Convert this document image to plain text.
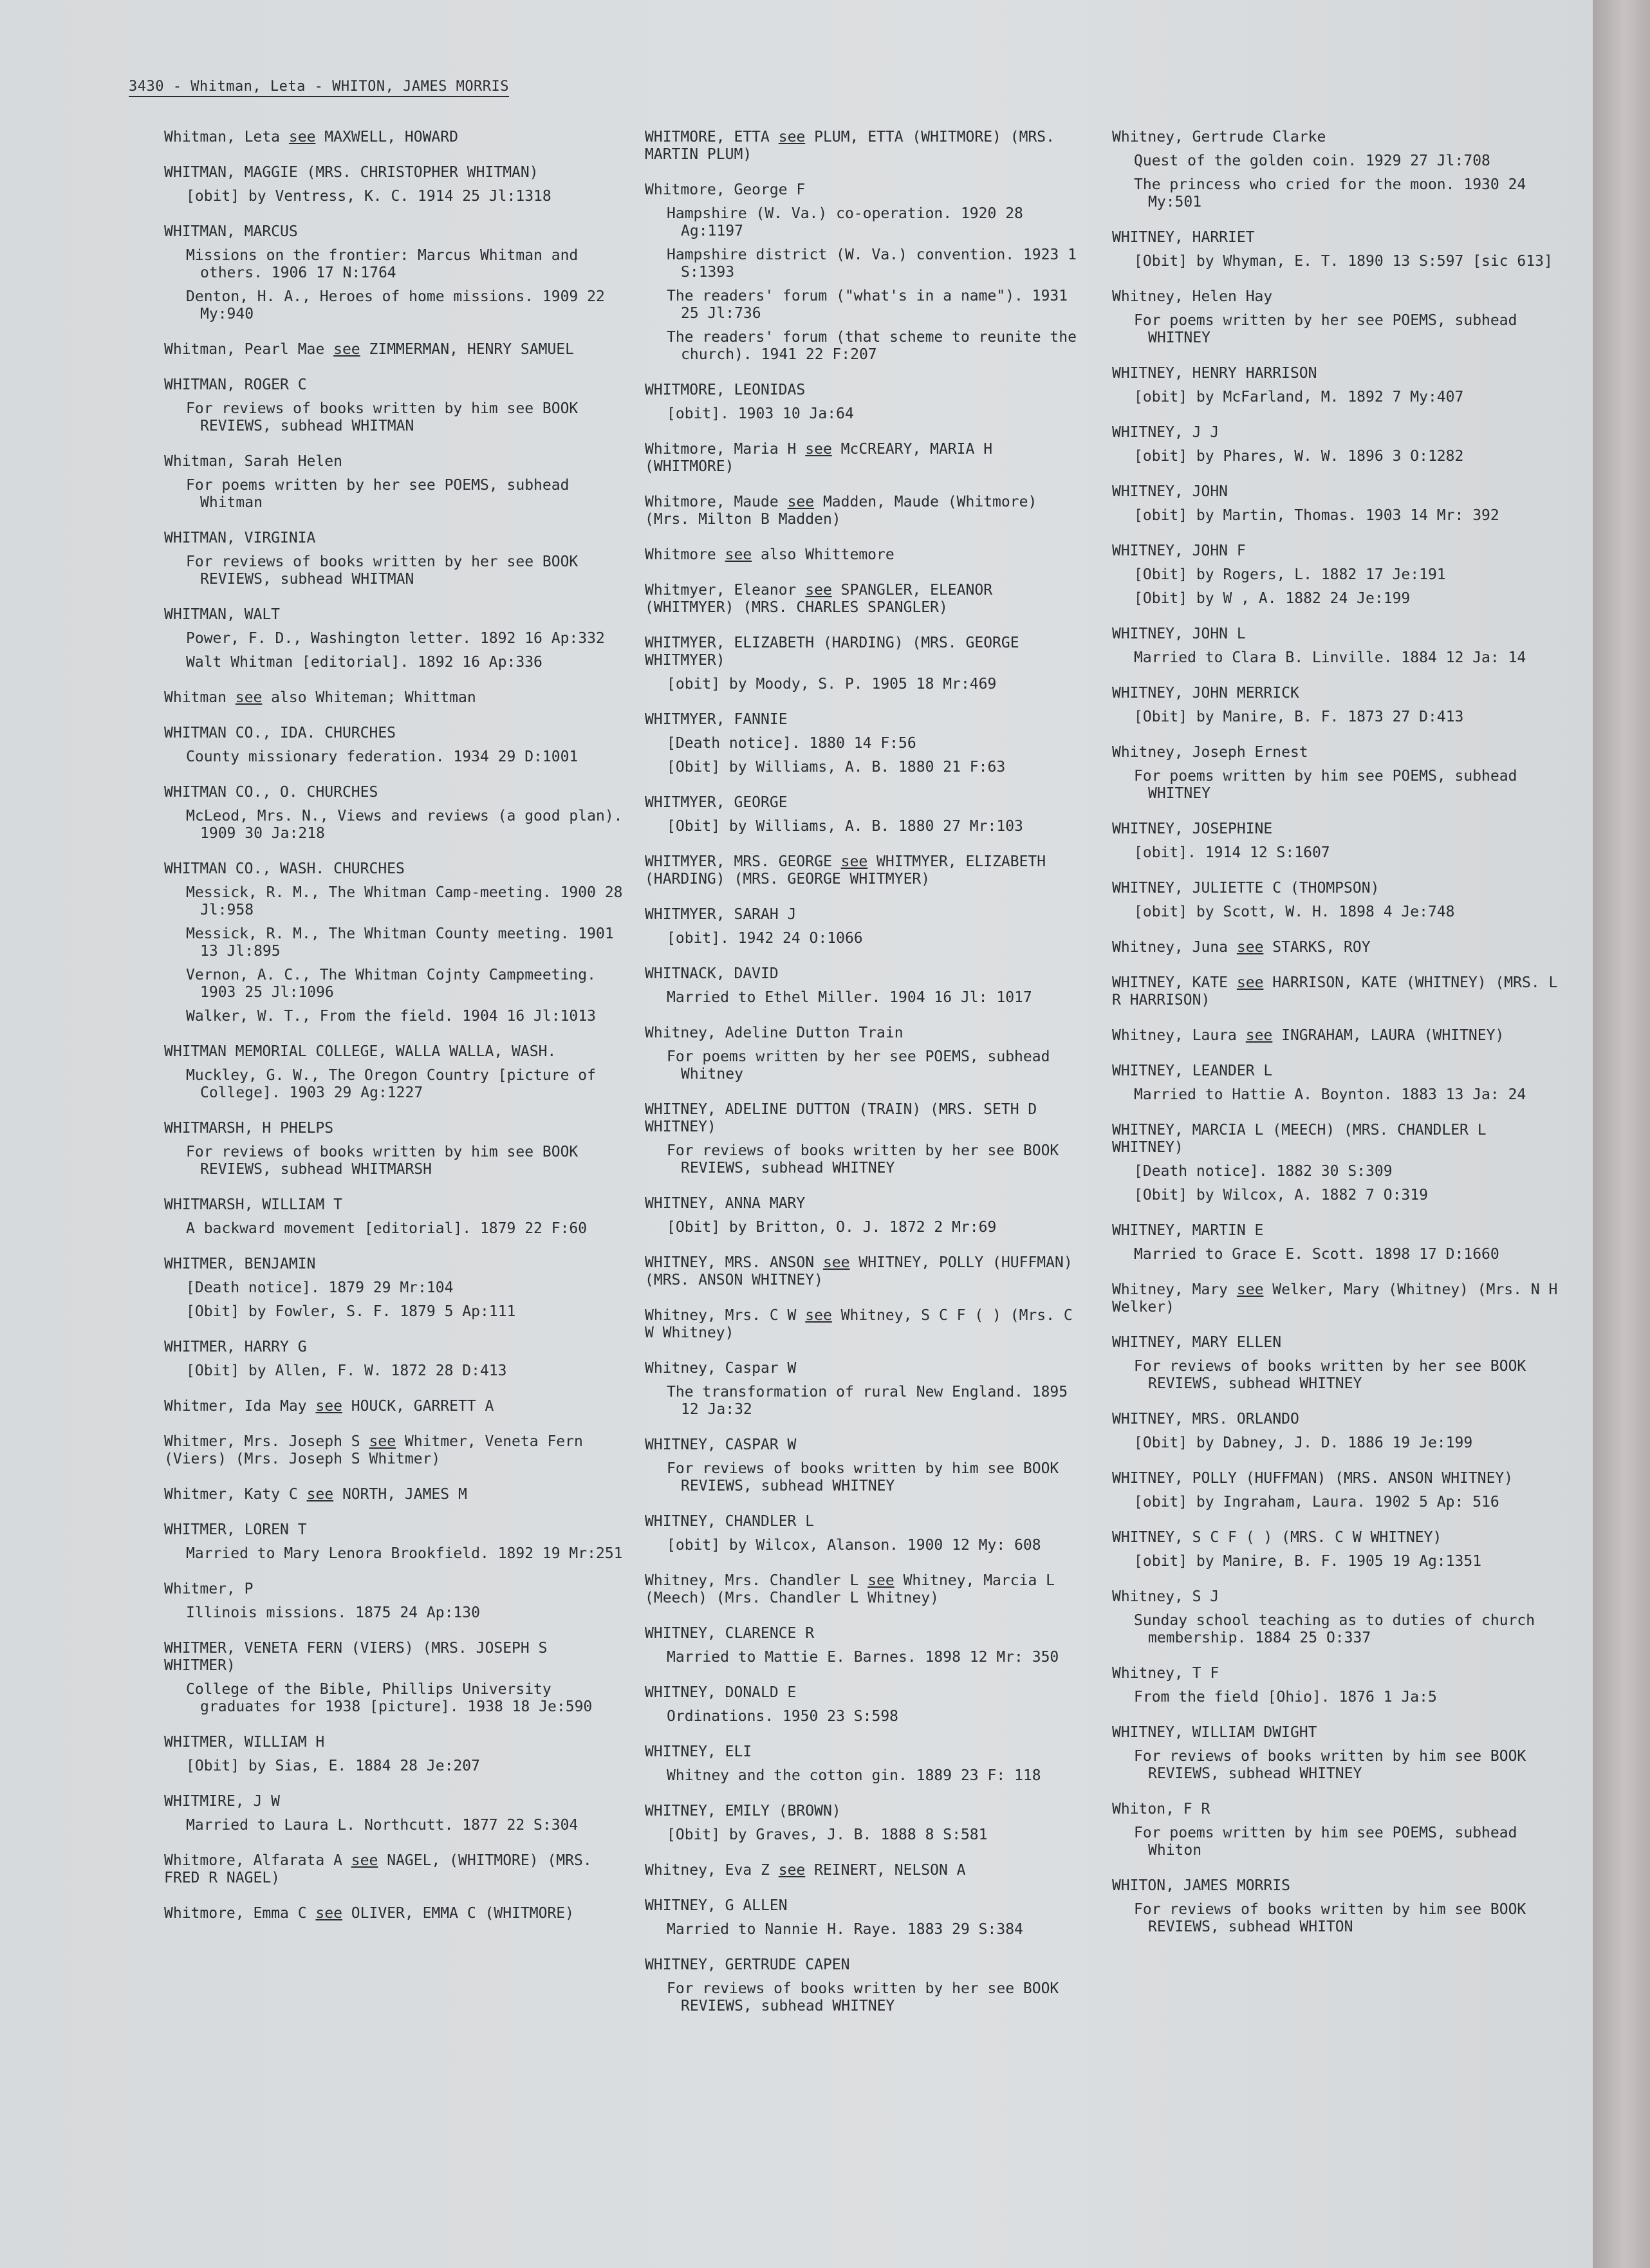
3430 - Whitman, Leta - WHITON, JAMES MORRIS
Whitman, Leta see MAXWELL, HOWARD
WHITMAN, MAGGIE (MRS. CHRISTOPHER WHITMAN)
[obit] by Ventress, K. C. 1914 25 Jl:1318
WHITMAN, MARCUS
Missions on the frontier: Marcus Whitman and others. 1906 17 N:1764
Denton, H. A., Heroes of home missions. 1909 22 My:940
Whitman, Pearl Mae see ZIMMERMAN, HENRY SAMUEL
WHITMAN, ROGER C
For reviews of books written by him see BOOK REVIEWS, subhead WHITMAN
Whitman, Sarah Helen
For poems written by her see POEMS, subhead Whitman
WHITMAN, VIRGINIA
For reviews of books written by her see BOOK REVIEWS, subhead WHITMAN
WHITMAN, WALT
Power, F. D., Washington letter. 1892 16 Ap:332
Walt Whitman [editorial]. 1892 16 Ap:336
Whitman see also Whiteman; Whittman
WHITMAN CO., IDA. CHURCHES
County missionary federation. 1934 29 D:1001
WHITMAN CO., O. CHURCHES
McLeod, Mrs. N., Views and reviews (a good plan). 1909 30 Ja:218
WHITMAN CO., WASH. CHURCHES
Messick, R. M., The Whitman Camp-meeting. 1900 28 Jl:958
Messick, R. M., The Whitman County meeting. 1901 13 Jl:895
Vernon, A. C., The Whitman Cojnty Campmeeting. 1903 25 Jl:1096
Walker, W. T., From the field. 1904 16 Jl:1013
WHITMAN MEMORIAL COLLEGE, WALLA WALLA, WASH.
Muckley, G. W., The Oregon Country [picture of College]. 1903 29 Ag:1227
WHITMARSH, H PHELPS
For reviews of books written by him see BOOK REVIEWS, subhead WHITMARSH
WHITMARSH, WILLIAM T
A backward movement [editorial]. 1879 22 F:60
WHITMER, BENJAMIN
[Death notice]. 1879 29 Mr:104
[Obit] by Fowler, S. F. 1879 5 Ap:111
WHITMER, HARRY G
[Obit] by Allen, F. W. 1872 28 D:413
Whitmer, Ida May see HOUCK, GARRETT A
Whitmer, Mrs. Joseph S see Whitmer, Veneta Fern (Viers) (Mrs. Joseph S Whitmer)
Whitmer, Katy C see NORTH, JAMES M
WHITMER, LOREN T
Married to Mary Lenora Brookfield. 1892 19 Mr:251
Whitmer, P
Illinois missions. 1875 24 Ap:130
WHITMER, VENETA FERN (VIERS) (MRS. JOSEPH S WHITMER)
College of the Bible, Phillips University graduates for 1938 [picture]. 1938 18 Je:590
WHITMER, WILLIAM H
[Obit] by Sias, E. 1884 28 Je:207
WHITMIRE, J W
Married to Laura L. Northcutt. 1877 22 S:304
Whitmore, Alfarata A see NAGEL, (WHITMORE) (MRS. FRED R NAGEL)
Whitmore, Emma C see OLIVER, EMMA C (WHITMORE)
WHITMORE, ETTA see PLUM, ETTA (WHITMORE) (MRS. MARTIN PLUM)
Whitmore, George F
Hampshire (W. Va.) co-operation. 1920 28 Ag:1197
Hampshire district (W. Va.) convention. 1923 1 S:1393
The readers' forum ("what's in a name"). 1931 25 Jl:736
The readers' forum (that scheme to reunite the church). 1941 22 F:207
WHITMORE, LEONIDAS
[obit]. 1903 10 Ja:64
Whitmore, Maria H see McCREARY, MARIA H (WHITMORE)
Whitmore, Maude see Madden, Maude (Whitmore) (Mrs. Milton B Madden)
Whitmore see also Whittemore
Whitmyer, Eleanor see SPANGLER, ELEANOR (WHITMYER) (MRS. CHARLES SPANGLER)
WHITMYER, ELIZABETH (HARDING) (MRS. GEORGE WHITMYER)
[obit] by Moody, S. P. 1905 18 Mr:469
WHITMYER, FANNIE
[Death notice]. 1880 14 F:56
[Obit] by Williams, A. B. 1880 21 F:63
WHITMYER, GEORGE
[Obit] by Williams, A. B. 1880 27 Mr:103
WHITMYER, MRS. GEORGE see WHITMYER, ELIZABETH (HARDING) (MRS. GEORGE WHITMYER)
WHITMYER, SARAH J
[obit]. 1942 24 O:1066
WHITNACK, DAVID
Married to Ethel Miller. 1904 16 Jl: 1017
Whitney, Adeline Dutton Train
For poems written by her see POEMS, subhead Whitney
WHITNEY, ADELINE DUTTON (TRAIN) (MRS. SETH D WHITNEY)
For reviews of books written by her see BOOK REVIEWS, subhead WHITNEY
WHITNEY, ANNA MARY
[Obit] by Britton, O. J. 1872 2 Mr:69
WHITNEY, MRS. ANSON see WHITNEY, POLLY (HUFFMAN) (MRS. ANSON WHITNEY)
Whitney, Mrs. C W see Whitney, S C F ( ) (Mrs. C W Whitney)
Whitney, Caspar W
The transformation of rural New England. 1895 12 Ja:32
WHITNEY, CASPAR W
For reviews of books written by him see BOOK REVIEWS, subhead WHITNEY
WHITNEY, CHANDLER L
[obit] by Wilcox, Alanson. 1900 12 My: 608
Whitney, Mrs. Chandler L see Whitney, Marcia L (Meech) (Mrs. Chandler L Whitney)
WHITNEY, CLARENCE R
Married to Mattie E. Barnes. 1898 12 Mr: 350
WHITNEY, DONALD E
Ordinations. 1950 23 S:598
WHITNEY, ELI
Whitney and the cotton gin. 1889 23 F: 118
WHITNEY, EMILY (BROWN)
[Obit] by Graves, J. B. 1888 8 S:581
Whitney, Eva Z see REINERT, NELSON A
WHITNEY, G ALLEN
Married to Nannie H. Raye. 1883 29 S:384
WHITNEY, GERTRUDE CAPEN
For reviews of books written by her see BOOK REVIEWS, subhead WHITNEY
Whitney, Gertrude Clarke
Quest of the golden coin. 1929 27 Jl:708
The princess who cried for the moon. 1930 24 My:501
WHITNEY, HARRIET
[Obit] by Whyman, E. T. 1890 13 S:597 [sic 613]
Whitney, Helen Hay
For poems written by her see POEMS, subhead WHITNEY
WHITNEY, HENRY HARRISON
[obit] by McFarland, M. 1892 7 My:407
WHITNEY, J J
[obit] by Phares, W. W. 1896 3 O:1282
WHITNEY, JOHN
[obit] by Martin, Thomas. 1903 14 Mr: 392
WHITNEY, JOHN F
[Obit] by Rogers, L. 1882 17 Je:191
[Obit] by W , A. 1882 24 Je:199
WHITNEY, JOHN L
Married to Clara B. Linville. 1884 12 Ja: 14
WHITNEY, JOHN MERRICK
[Obit] by Manire, B. F. 1873 27 D:413
Whitney, Joseph Ernest
For poems written by him see POEMS, subhead WHITNEY
WHITNEY, JOSEPHINE
[obit]. 1914 12 S:1607
WHITNEY, JULIETTE C (THOMPSON)
[obit] by Scott, W. H. 1898 4 Je:748
Whitney, Juna see STARKS, ROY
WHITNEY, KATE see HARRISON, KATE (WHITNEY) (MRS. L R HARRISON)
Whitney, Laura see INGRAHAM, LAURA (WHITNEY)
WHITNEY, LEANDER L
Married to Hattie A. Boynton. 1883 13 Ja: 24
WHITNEY, MARCIA L (MEECH) (MRS. CHANDLER L WHITNEY)
[Death notice]. 1882 30 S:309
[Obit] by Wilcox, A. 1882 7 O:319
WHITNEY, MARTIN E
Married to Grace E. Scott. 1898 17 D:1660
Whitney, Mary see Welker, Mary (Whitney) (Mrs. N H Welker)
WHITNEY, MARY ELLEN
For reviews of books written by her see BOOK REVIEWS, subhead WHITNEY
WHITNEY, MRS. ORLANDO
[Obit] by Dabney, J. D. 1886 19 Je:199
WHITNEY, POLLY (HUFFMAN) (MRS. ANSON WHITNEY)
[obit] by Ingraham, Laura. 1902 5 Ap: 516
WHITNEY, S C F ( ) (MRS. C W WHITNEY)
[obit] by Manire, B. F. 1905 19 Ag:1351
Whitney, S J
Sunday school teaching as to duties of church membership. 1884 25 O:337
Whitney, T F
From the field [Ohio]. 1876 1 Ja:5
WHITNEY, WILLIAM DWIGHT
For reviews of books written by him see BOOK REVIEWS, subhead WHITNEY
Whiton, F R
For poems written by him see POEMS, subhead Whiton
WHITON, JAMES MORRIS
For reviews of books written by him see BOOK REVIEWS, subhead WHITON
